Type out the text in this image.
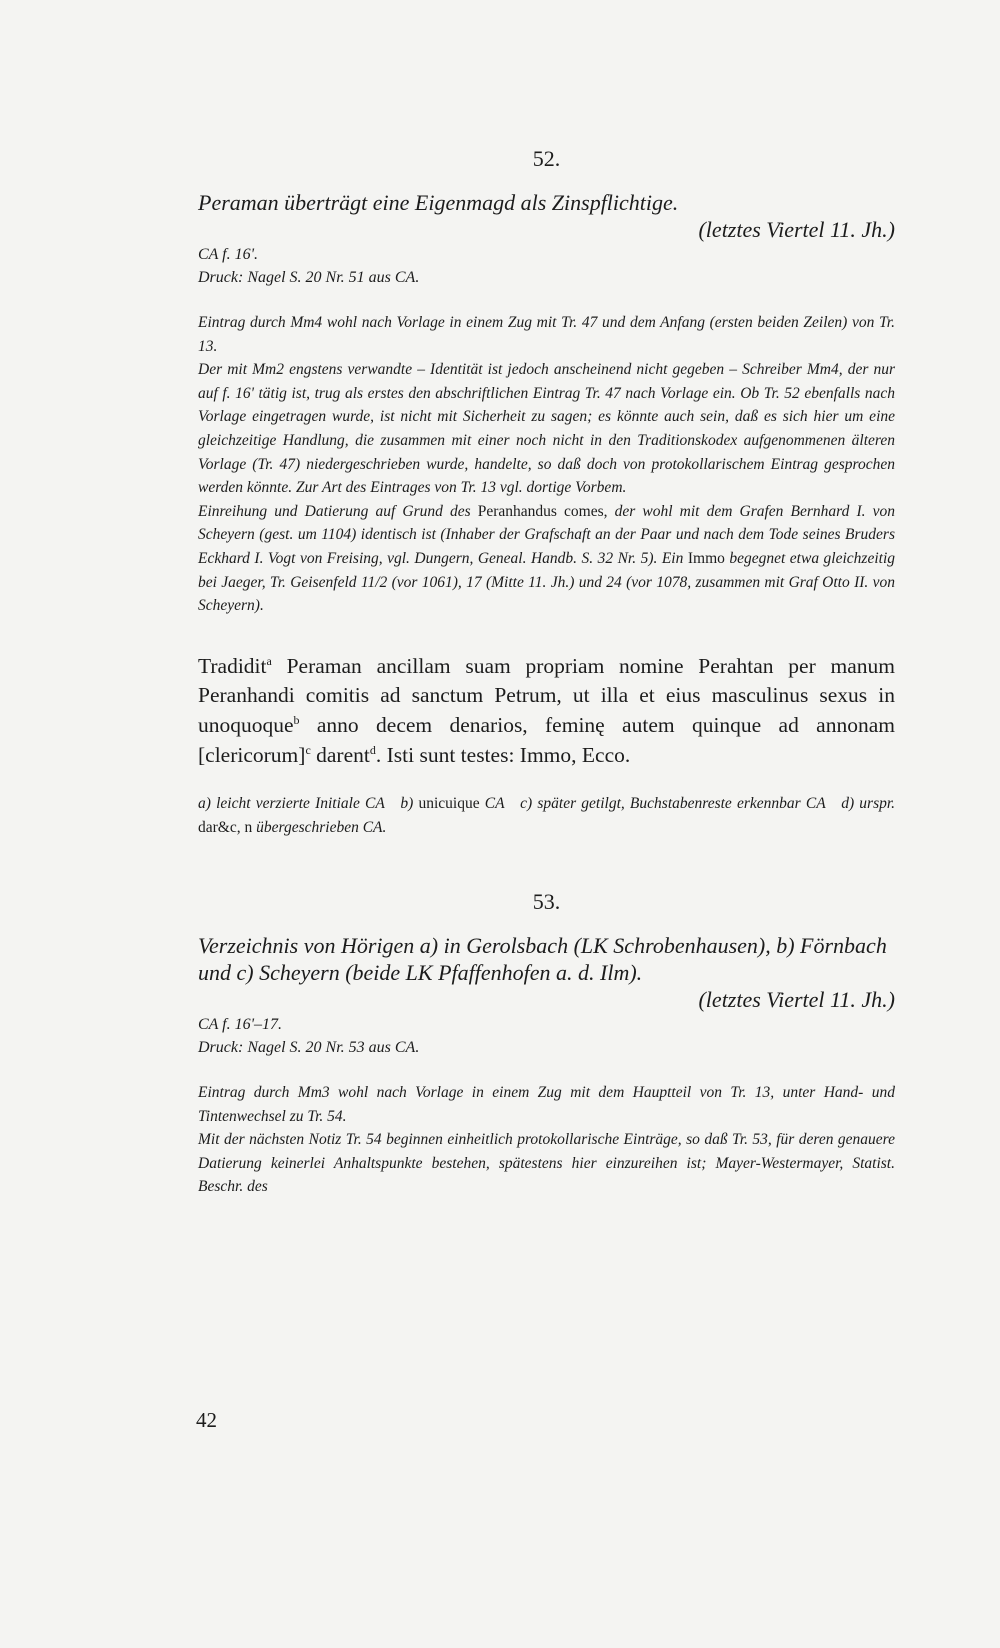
52.

Peraman überträgt eine Eigenmagd als Zinspflichtige.

(letztes Viertel 11. Jh.)

CA f. 16'.

Druck: Nagel S. 20 Nr. 51 aus CA.

Eintrag durch Mm4 wohl nach Vorlage in einem Zug mit Tr. 47 und dem Anfang (ersten beiden Zeilen) von Tr. 13.

Der mit Mm2 engstens verwandte – Identität ist jedoch anscheinend nicht gegeben – Schreiber Mm4, der nur auf f. 16' tätig ist, trug als erstes den abschriftlichen Eintrag Tr. 47 nach Vorlage ein. Ob Tr. 52 ebenfalls nach Vorlage eingetragen wurde, ist nicht mit Sicherheit zu sagen; es könnte auch sein, daß es sich hier um eine gleichzeitige Handlung, die zusammen mit einer noch nicht in den Traditionskodex aufgenommenen älteren Vorlage (Tr. 47) niedergeschrieben wurde, handelte, so daß doch von protokollarischem Eintrag gesprochen werden könnte. Zur Art des Eintrages von Tr. 13 vgl. dortige Vorbem.

Einreihung und Datierung auf Grund des Peranhandus comes, der wohl mit dem Grafen Bernhard I. von Scheyern (gest. um 1104) identisch ist (Inhaber der Grafschaft an der Paar und nach dem Tode seines Bruders Eckhard I. Vogt von Freising, vgl. Dungern, Geneal. Handb. S. 32 Nr. 5). Ein Immo begegnet etwa gleichzeitig bei Jaeger, Tr. Geisenfeld 11/2 (vor 1061), 17 (Mitte 11. Jh.) und 24 (vor 1078, zusammen mit Graf Otto II. von Scheyern).

Tradidit$^a$ Peraman ancillam suam propriam nomine Perahtan per manum Peranhandi comitis ad sanctum Petrum, ut illa et eius masculinus sexus in unoquoque$^b$ anno decem denarios, feminę autem quinque ad annonam [clericorum]$^c$ darent$^d$. Isti sunt testes: Immo, Ecco.

a) leicht verzierte Initiale CA b) unicuique CA c) später getilgt, Buchstabenreste erkennbar CA d) urspr. dar&c, n übergeschrieben CA.

53.

Verzeichnis von Hörigen a) in Gerolsbach (LK Schrobenhausen), b) Förnbach und c) Scheyern (beide LK Pfaffenhofen a. d. Ilm).

(letztes Viertel 11. Jh.)

CA f. 16'–17.

Druck: Nagel S. 20 Nr. 53 aus CA.

Eintrag durch Mm3 wohl nach Vorlage in einem Zug mit dem Hauptteil von Tr. 13, unter Hand- und Tintenwechsel zu Tr. 54.

Mit der nächsten Notiz Tr. 54 beginnen einheitlich protokollarische Einträge, so daß Tr. 53, für deren genauere Datierung keinerlei Anhaltspunkte bestehen, spätestens hier einzureihen ist; Mayer-Westermayer, Statist. Beschr. des

42
